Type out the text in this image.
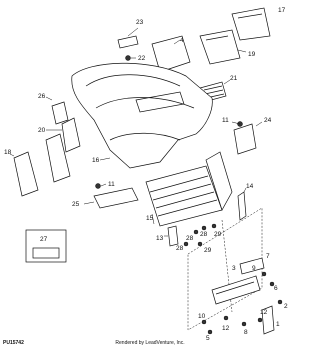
23
22
4
19
17
21
26
20
18
16
11	24
11
25
27
14
15
13	28
28
28
29
29
7
3	9
6
12
12
10
5
8
2
1
PU15742	Rendered by LeadVenture, Inc.
